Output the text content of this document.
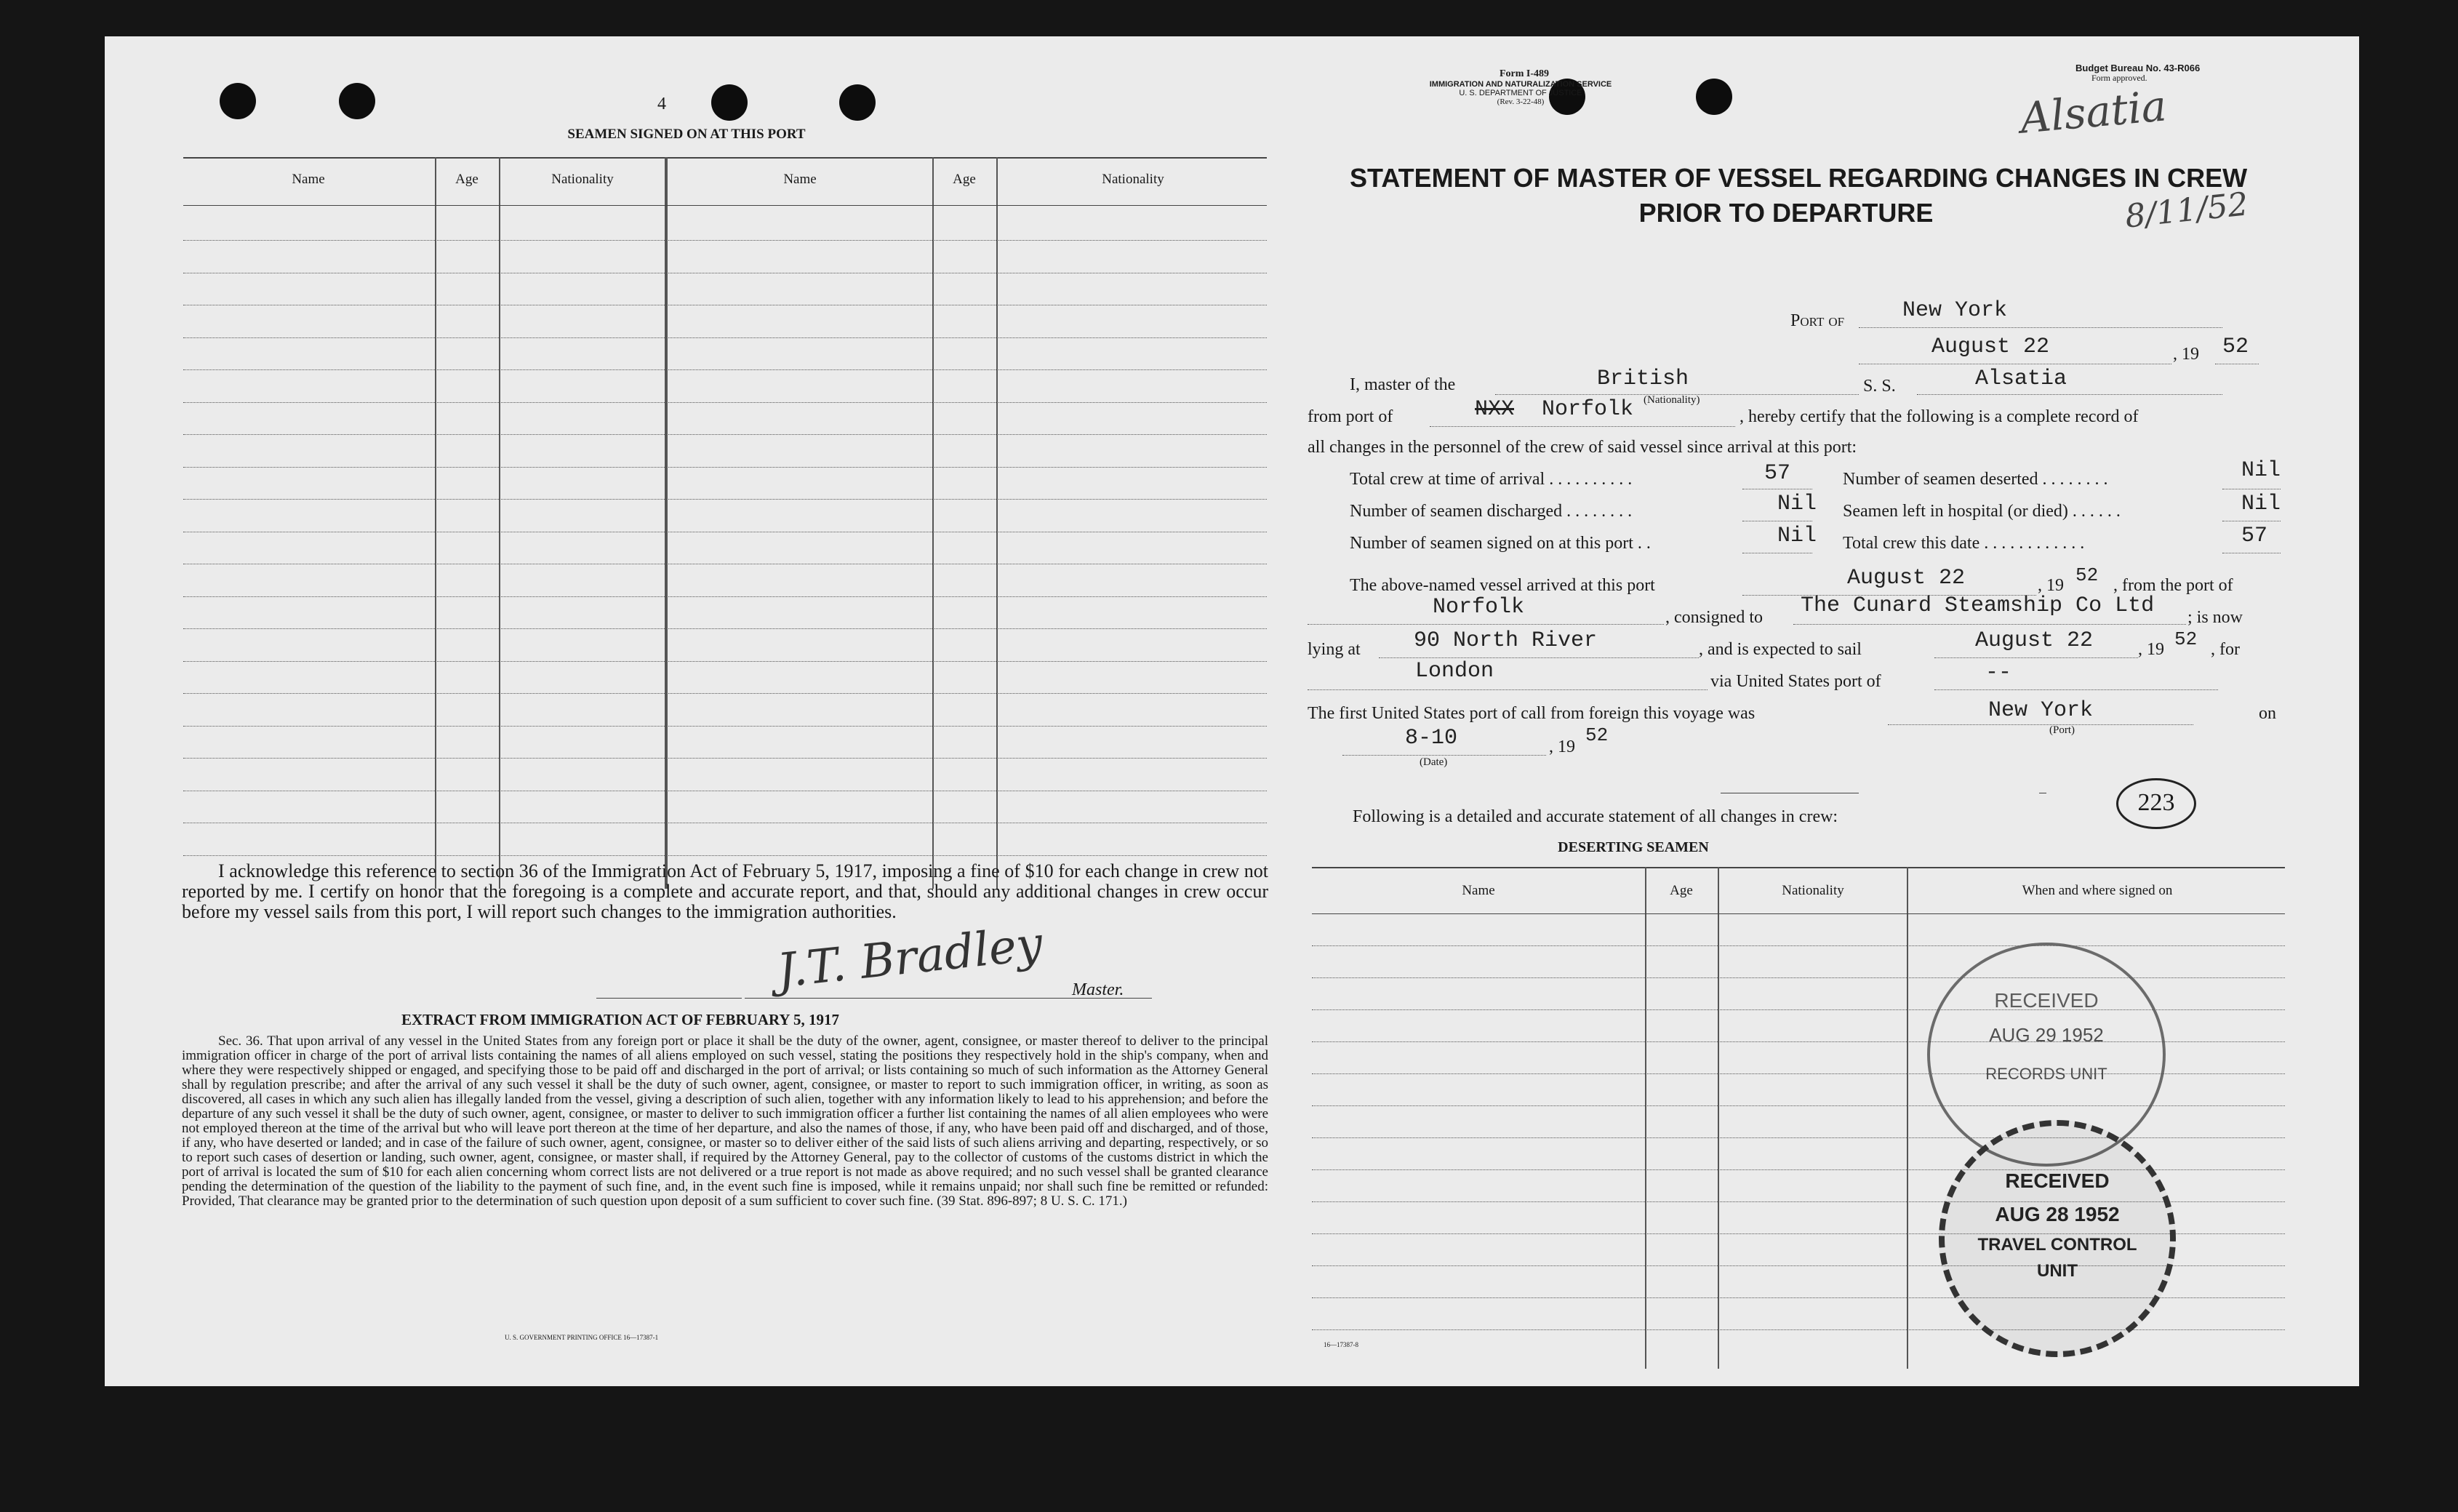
4
SEAMEN SIGNED ON AT THIS PORT
Name	Age	Nationality	Name	Age	Nationality
I acknowledge this reference to section 36 of the Immigration Act of February 5, 1917, imposing a fine of $10 for each change in crew not reported by me. I certify on honor that the foregoing is a complete and accurate report, and that, should any additional changes in crew occur before my vessel sails from this port, I will report such changes to the immigration authorities.
J.T. Bradley Master.
EXTRACT FROM IMMIGRATION ACT OF FEBRUARY 5, 1917
Sec. 36. That upon arrival of any vessel in the United States from any foreign port or place it shall be the duty of the owner, agent, consignee, or master thereof to deliver to the principal immigration officer in charge of the port of arrival lists containing the names of all aliens employed on such vessel, stating the positions they respectively hold in the ship's company, when and where they were respectively shipped or engaged, and specifying those to be paid off and discharged in the port of arrival; or lists containing so much of such information as the Attorney General shall by regulation prescribe; and after the arrival of any such vessel it shall be the duty of such owner, agent, consignee, or master to report to such immigration officer, in writing, as soon as discovered, all cases in which any such alien has illegally landed from the vessel, giving a description of such alien, together with any information likely to lead to his apprehension; and before the departure of any such vessel it shall be the duty of such owner, agent, consignee, or master to deliver to such immigration officer a further list containing the names of all alien employees who were not employed thereon at the time of the arrival but who will leave port thereon at the time of her departure, and also the names of those, if any, who have been paid off and discharged, and of those, if any, who have deserted or landed; and in case of the failure of such owner, agent, consignee, or master so to deliver either of the said lists of such aliens arriving and departing, respectively, or so to report such cases of desertion or landing, such owner, agent, consignee, or master shall, if required by the Attorney General, pay to the collector of customs of the customs district in which the port of arrival is located the sum of $10 for each alien concerning whom correct lists are not delivered or a true report is not made as above required; and no such vessel shall be granted clearance pending the determination of the question of the liability to the payment of such fine, and, in the event such fine is imposed, while it remains unpaid; nor shall such fine be remitted or refunded: Provided, That clearance may be granted prior to the determination of such question upon deposit of a sum sufficient to cover such fine. (39 Stat. 896-897; 8 U. S. C. 171.)
U. S. GOVERNMENT PRINTING OFFICE 16—17387-1
Form I-489
IMMIGRATION AND NATURALIZATION SERVICE
U. S. DEPARTMENT OF JUSTICE
(Rev. 3-22-48)
Budget Bureau No. 43-R066
Form approved.
Alsatia
8/11/52
STATEMENT OF MASTER OF VESSEL REGARDING CHANGES IN CREW
PRIOR TO DEPARTURE
Port of	New York
August 22	, 19 52
I, master of the	British	S. S.	Alsatia
from port of	NXX Norfolk (Nationality)
, hereby certify that the following is a complete record of
all changes in the personnel of the crew of said vessel since arrival at this port:
Total crew at time of arrival . . . . . . . . . .	57	Number of seamen deserted . . . . . . . .	Nil
Number of seamen discharged . . . . . . . .	Nil Seamen left in hospital (or died) . . . . . .	Nil
Number of seamen signed on at this port . .	Nil Total crew this date . . . . . . . . . . . .	57
The above-named vessel arrived at this port	August 22	, 19 52 , from the port of
Norfolk	, consigned to The Cunard Steamship Co Ltd ; is now
lying at 90 North River	, and is expected to sail	August 22	, 19 52 , for
London	via United States port of	--
The first United States port of call from foreign this voyage was	New York
(Port)
on
8-10
(Date)
, 19
52
223
Following is a detailed and accurate statement of all changes in crew:
DESERTING SEAMEN
Name	Age	Nationality	When and where signed on
RECEIVED
AUG 29 1952
RECORDS UNIT
RECEIVED
AUG 28 1952
TRAVEL CONTROL
UNIT
16—17387-8
